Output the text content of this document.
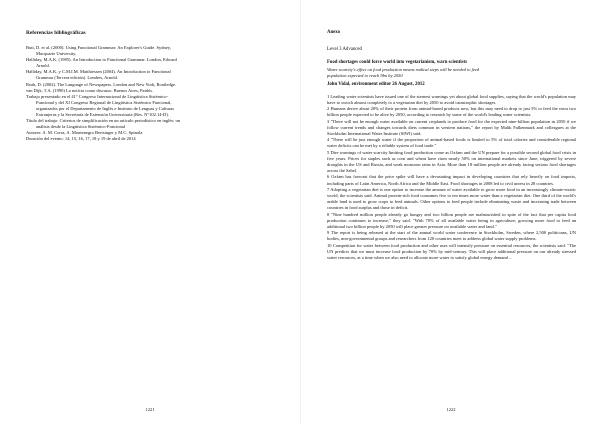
Referencias bibliográficas
Butt, D. et al. (2000). Using Functional Grammar: An Explorer's Guide. Sydney,
Macquarie University.
Halliday, M.A.K. (1985). An Introduction to Functional Grammar. London, Edward
Arnold.
Halliday, M.A.K. y C.M.I.M. Matthiessen (2004). An Introduction to Functional
Grammar (Tercera edición). Londres, Arnold.
Reah, D. (2002). The Language of Newspapers. London and New York, Routledge.
van Dijk, T.A. (1990) La noticia como discurso. Buenos Aires, Paidós.
Trabajo presentado en el 41° Congreso Internacional de Lingüística Sistémico-
Funcional y del XI Congreso Regional de Lingüística Sistémico Funcional,
organizados por el Departamento de Inglés e Instituto de Lenguas y Culturas
Extranjeras y la Secretaría de Extensión Universitaria (Res. N°102.14-D).
Título del trabajo: Criterios de simplificación en un artículo periodístico en inglés: un
análisis desde la Lingüística Sistémico-Funcional
Autores: A. M. Corra, A. Montenegro Bertsinger y M.C. Spinola
Duración del evento: 14, 15, 16, 17, 18 y 19 de abril de 2014
1221
Anexo
Level 3 Advanced
Food shortages could force world into vegetarianism, warn scientists
Water scarcity's effect on food production means radical steps will be needed to feed
population expected to reach 9bn by 2050
John Vidal, environment editor 26 August, 2012
1 Leading water scientists have issued one of the sternest warnings yet about global food supplies, saying that the world's population may have to switch almost completely to a vegetarian diet by 2050 to avoid catastrophic shortages.
2 Humans derive about 20% of their protein from animal-based products now, but this may need to drop to just 5% to feed the extra two billion people expected to be alive by 2050, according to research by some of the world's leading water scientists.
3 "There will not be enough water available on current croplands to produce food for the expected nine-billion population in 2050 if we follow current trends and changes towards diets common in western nations," the report by Malik Falkenmark and colleagues at the Stockholm International Water Institute (SIWI) said.
4 "There will be just enough water if the proportion of animal-based foods is limited to 5% of total calories and considerable regional water deficits can be met by a reliable system of food trade."
5 Dire warnings of water scarcity limiting food production come as Oxfam and the UN prepare for a possible second global food crisis in five years. Prices for staples such as corn and wheat have risen nearly 50% on international markets since June, triggered by severe droughts in the US and Russia, and weak monsoon rains in Asia. More than 18 million people are already facing serious food shortages across the Sahel.
6 Oxfam has forecast that the price spike will have a devastating impact in developing countries that rely heavily on food imports, including parts of Latin America, North Africa and the Middle East. Food shortages in 2008 led to civil unrest in 28 countries.
7 Adopting a vegetarian diet is one option to increase the amount of water available to grow more food in an increasingly climate-erratic world, the scientists said. Animal protein-rich food consumes five to ten times more water than a vegetarian diet. One third of the world's arable land is used to grow crops to feed animals. Other options to feed people include eliminating waste and increasing trade between countries in food surplus and those in deficit.
8 "Nine hundred million people already go hungry and two billion people are malnourished in spite of the fact that per capita food production continues to increase," they said. "With 70% of all available water being in agriculture, growing more food to feed an additional two billion people by 2050 will place greater pressure on available water and land."
9 The report is being released at the start of the annual world water conference in Stockholm, Sweden, where 2,500 politicians, UN bodies, non-governmental groups and researchers from 120 countries meet to address global water supply problems.
10 Competition for water between food production and other uses will intensify pressure on essential resources, the scientists said. "The UN predicts that we must increase food production by 70% by mid-century. This will place additional pressure on our already stressed water resources, at a time when we also need to allocate more water to satisfy global energy demand –
1222
